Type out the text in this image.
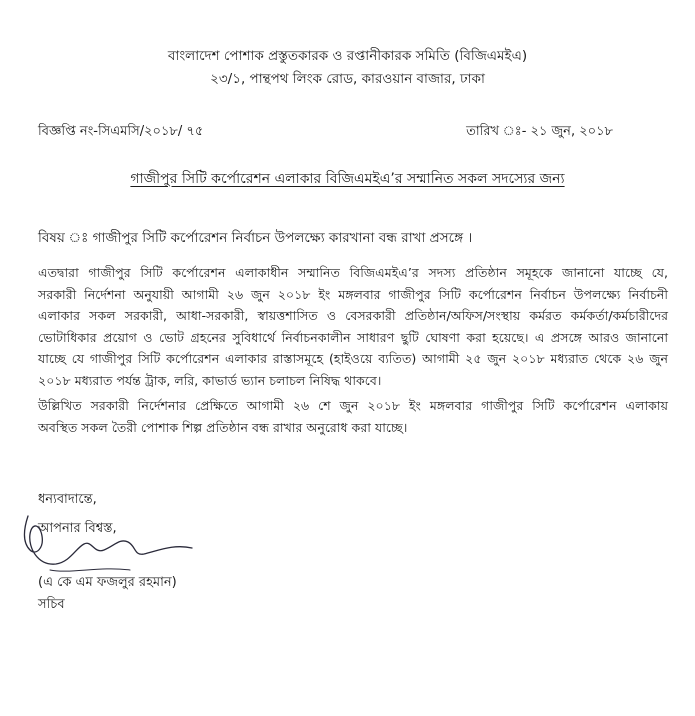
বাংলাদেশ পোশাক প্রস্তুতকারক ও রপ্তানীকারক সমিতি (বিজিএমইএ)
২৩/১, পান্থপথ লিংক রোড, কারওয়ান বাজার, ঢাকা
বিজ্ঞপ্তি নং-সিএমসি/২০১৮/ ৭৫	তারিখ ঃ- ২১ জুন, ২০১৮
গাজীপুর সিটি কর্পোরেশন এলাকার বিজিএমইএ’র সম্মানিত সকল সদস্যের জন্য
বিষয় ঃ গাজীপুর সিটি কর্পোরেশন নির্বাচন উপলক্ষ্যে কারখানা বন্ধ রাখা প্রসঙ্গে ।
এতদ্বারা গাজীপুর সিটি কর্পোরেশন এলাকাধীন সম্মানিত বিজিএমইএ’র সদস্য প্রতিষ্ঠান সমূহকে জানানো যাচ্ছে যে,
সরকারী নির্দেশনা অনুযায়ী আগামী ২৬ জুন ২০১৮ ইং মঙ্গলবার গাজীপুর সিটি কর্পোরেশন নির্বাচন উপলক্ষ্যে নির্বাচনী
এলাকার সকল সরকারী, আধা-সরকারী, স্বায়ত্তশাসিত ও বেসরকারী প্রতিষ্ঠান/অফিস/সংস্থায় কর্মরত কর্মকর্তা/কর্মচারীদের
ভোটাধিকার প্রয়োগ ও ভোট গ্রহনের সুবিধার্থে নির্বাচনকালীন সাধারণ ছুটি ঘোষণা করা হয়েছে। এ প্রসঙ্গে আরও জানানো
যাচ্ছে যে গাজীপুর সিটি কর্পোরেশন এলাকার রাস্তাসমূহে (হাইওয়ে ব্যতিত) আগামী ২৫ জুন ২০১৮ মধ্যরাত থেকে ২৬ জুন
২০১৮ মধ্যরাত পর্যন্ত ট্রাক, লরি, কাভার্ড ভ্যান চলাচল নিষিদ্ধ থাকবে।
উল্লিখিত সরকারী নির্দেশনার প্রেক্ষিতে আগামী ২৬ শে জুন ২০১৮ ইং মঙ্গলবার গাজীপুর সিটি কর্পোরেশন এলাকায়
অবস্থিত সকল তৈরী পোশাক শিল্প প্রতিষ্ঠান বন্ধ রাখার অনুরোধ করা যাচ্ছে।
ধন্যবাদান্তে,
আপনার বিশ্বস্ত,
(এ কে এম ফজলুর রহমান)
সচিব
